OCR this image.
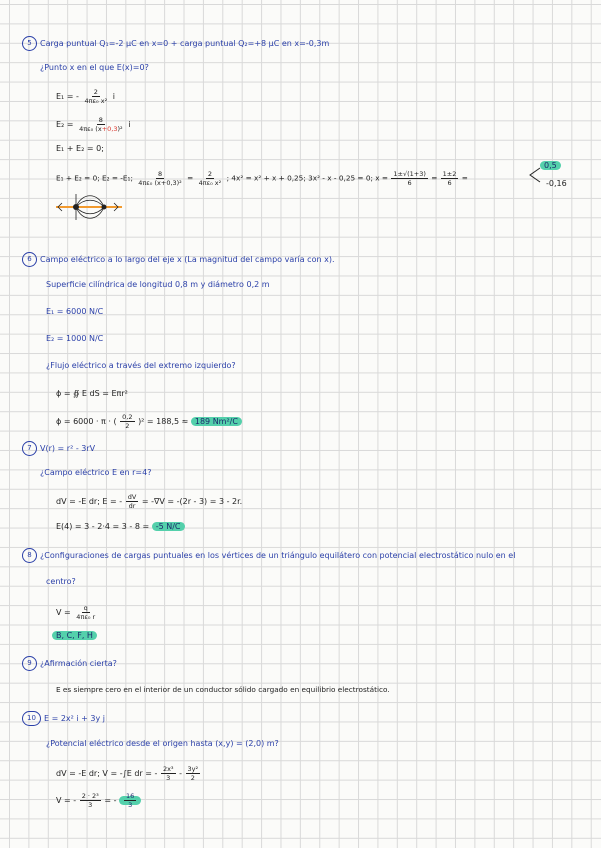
5 Carga puntual Q₁=-2 μC en x=0 + carga puntual Q₂=+8 μC en x=-0,3m
¿Punto x en el que E(x)=0?
E₁ = - $\frac{2}{\text{4πε₀ x²}}$ i
$E_2 = \frac{8}{\text{4πε₀ (x+0,3)²}}$ i
E₁ + E₂ = 0;
E₁ + E₂ = 0; E₂ = -E₁; $\frac{8}{\text{4πε₀ (x+0,3)²}} = \frac{2}{\text{4πε₀ x²}}$ ; 4x² = x² + x + 0,25; 3x² - x - 0,25 = 0; $x = \frac{1\pm√(1+3)}{6} = \frac{1\pm 2}{6}$ =
0,5
-0,16
6 Campo eléctrico a lo largo del eje x (La magnitud del campo varía con x).
Superficie cilíndrica de longitud 0,8 m y diámetro 0,2 m
E₁ = 6000 N/C
E₂ = 1000 N/C
¿Flujo eléctrico a través del extremo izquierdo?
ϕ = ∯ E dS = Eπr²
ϕ = 6000 · π · ( $\frac{0,2}{2} )^2 = 188,5 \approx 189$ Nm²/C
7 V(r) = r² - 3rV
¿Campo eléctrico E en r=4?
dV = -E dr; E = - $\frac{dV}{dr} = -\nabla V = -(2r - 3) = 3 - 2r$.
E(4) = 3 - 2·4 = 3 - 8 = -5 N/C
8 ¿Configuraciones de cargas puntuales en los vértices de un triángulo equilátero con potencial electrostático nulo en el
centro?
$V = \frac{q}{\text{4πε₀ r}}$
B, C, F, H
9 ¿Afirmación cierta?
E es siempre cero en el interior de un conductor sólido cargado en equilibrio electrostático.
10 E = 2x² i + 3y j
¿Potencial eléctrico desde el origen hasta (x,y) = (2,0) m?
dV = -E dr; V = -∫E dr = - $\frac{\text{2x³}}{3} - \frac{\text{3y²}}{2}$
V = - $\frac{\text{2 · 2³}}{3}$ = - $\frac{16}{3}$
